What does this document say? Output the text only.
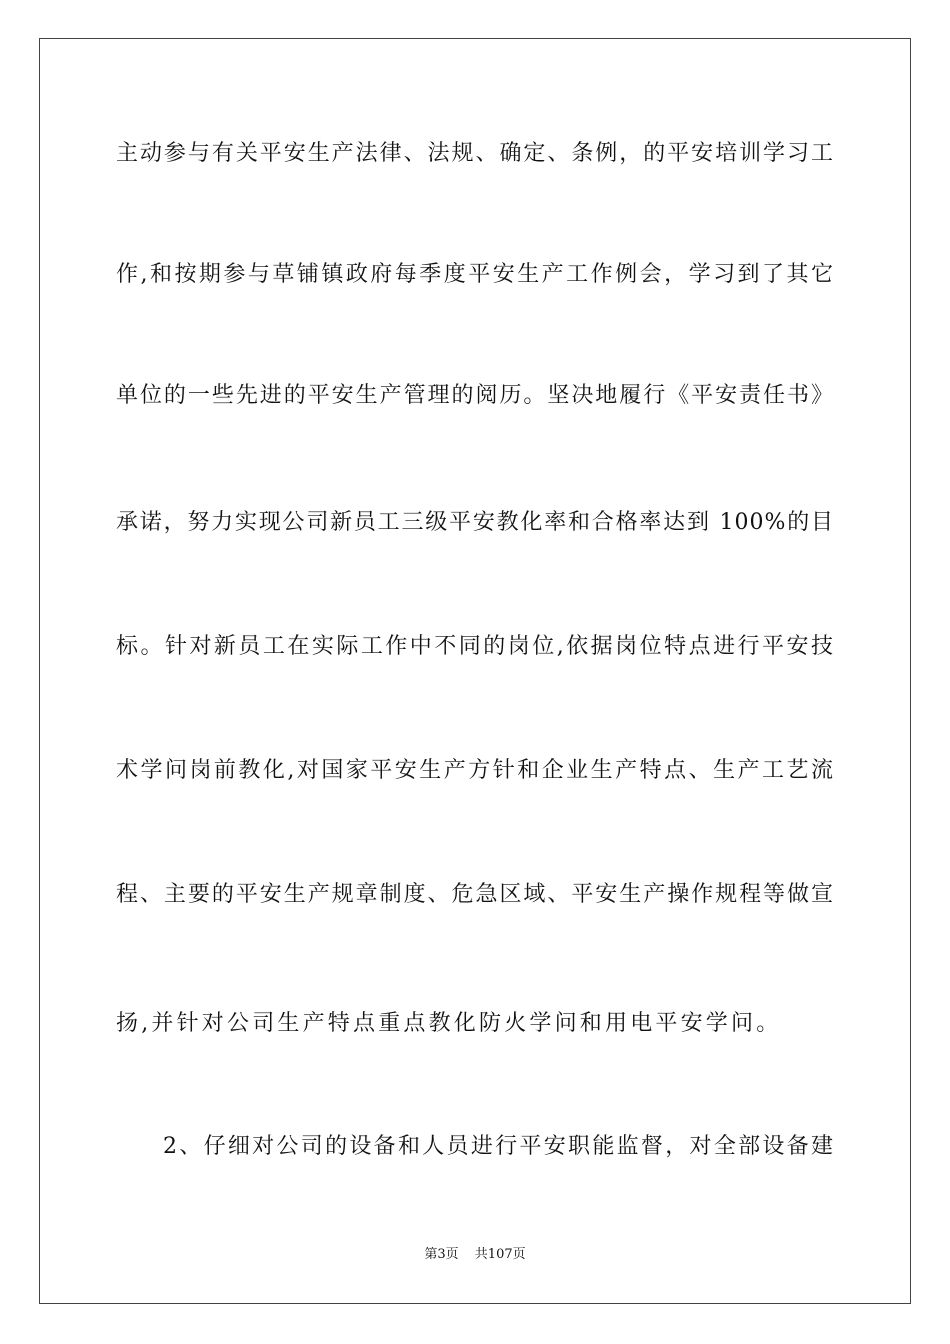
主动参与有关平安生产法律、法规、确定、条例，的平安培训学习工
作,和按期参与草铺镇政府每季度平安生产工作例会，学习到了其它
单位的一些先进的平安生产管理的阅历。坚决地履行《平安责任书》
承诺，努力实现公司新员工三级平安教化率和合格率达到 100%的目
标。针对新员工在实际工作中不同的岗位,依据岗位特点进行平安技
术学问岗前教化,对国家平安生产方针和企业生产特点、生产工艺流
程、主要的平安生产规章制度、危急区域、平安生产操作规程等做宣
扬,并针对公司生产特点重点教化防火学问和用电平安学问。
2、仔细对公司的设备和人员进行平安职能监督，对全部设备建
第3页 共107页
